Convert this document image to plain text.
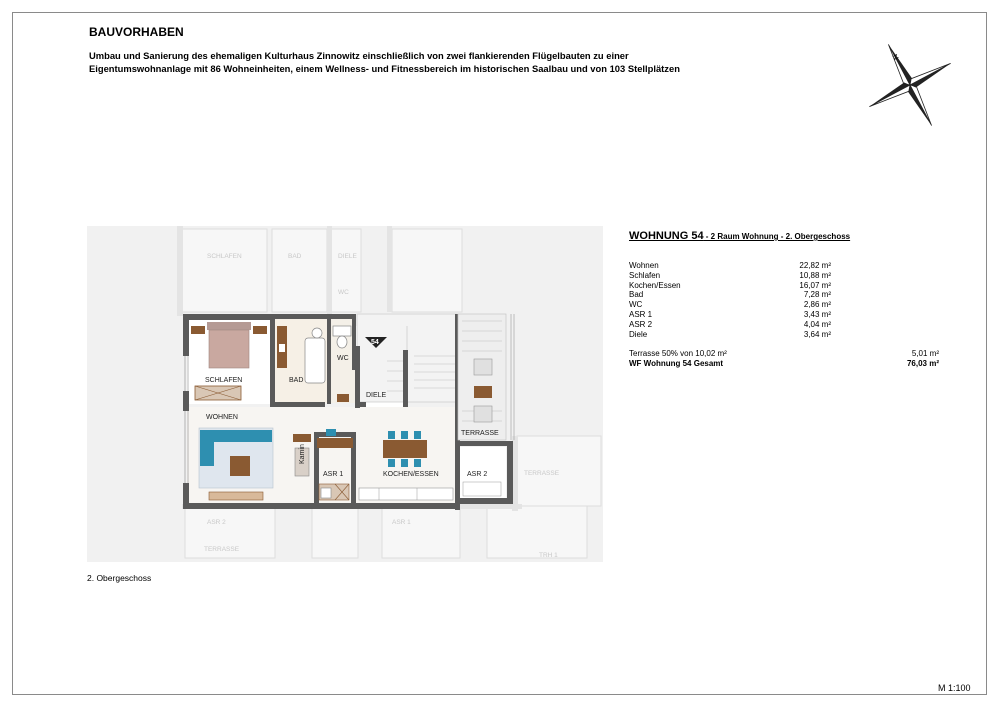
BAUVORHABEN
Umbau und Sanierung des ehemaligen Kulturhaus Zinnowitz einschließlich von zwei flankierenden Flügelbauten zu einer
Eigentumswohnanlage mit 86 Wohneinheiten, einem Wellness- und Fitnessbereich im historischen Saalbau und von 103 Stellplätzen
N
WOHNUNG 54 - 2 Raum Wohnung - 2. Obergeschoss
Wohnen	22,82 m²
Schlafen	10,88 m²
Kochen/Essen	16,07 m²
Bad	7,28 m²
WC	2,86 m²
ASR 1	3,43 m²
ASR 2	4,04 m²
Diele	3,64 m²
Terrasse 50% von 10,02 m²	5,01 m²
WF Wohnung 54 Gesamt	76,03 m²
SCHLAFEN	BAD	DIELE
WC
TERRASSE
ASR 2
TERRASSE
ASR 1
TRH 1
Kamin
54
SCHLAFEN	BAD
WC
DIELE
WOHNEN
ASR 1	KOCHEN/ESSEN	ASR 2
TERRASSE
2. Obergeschoss
M 1:100
